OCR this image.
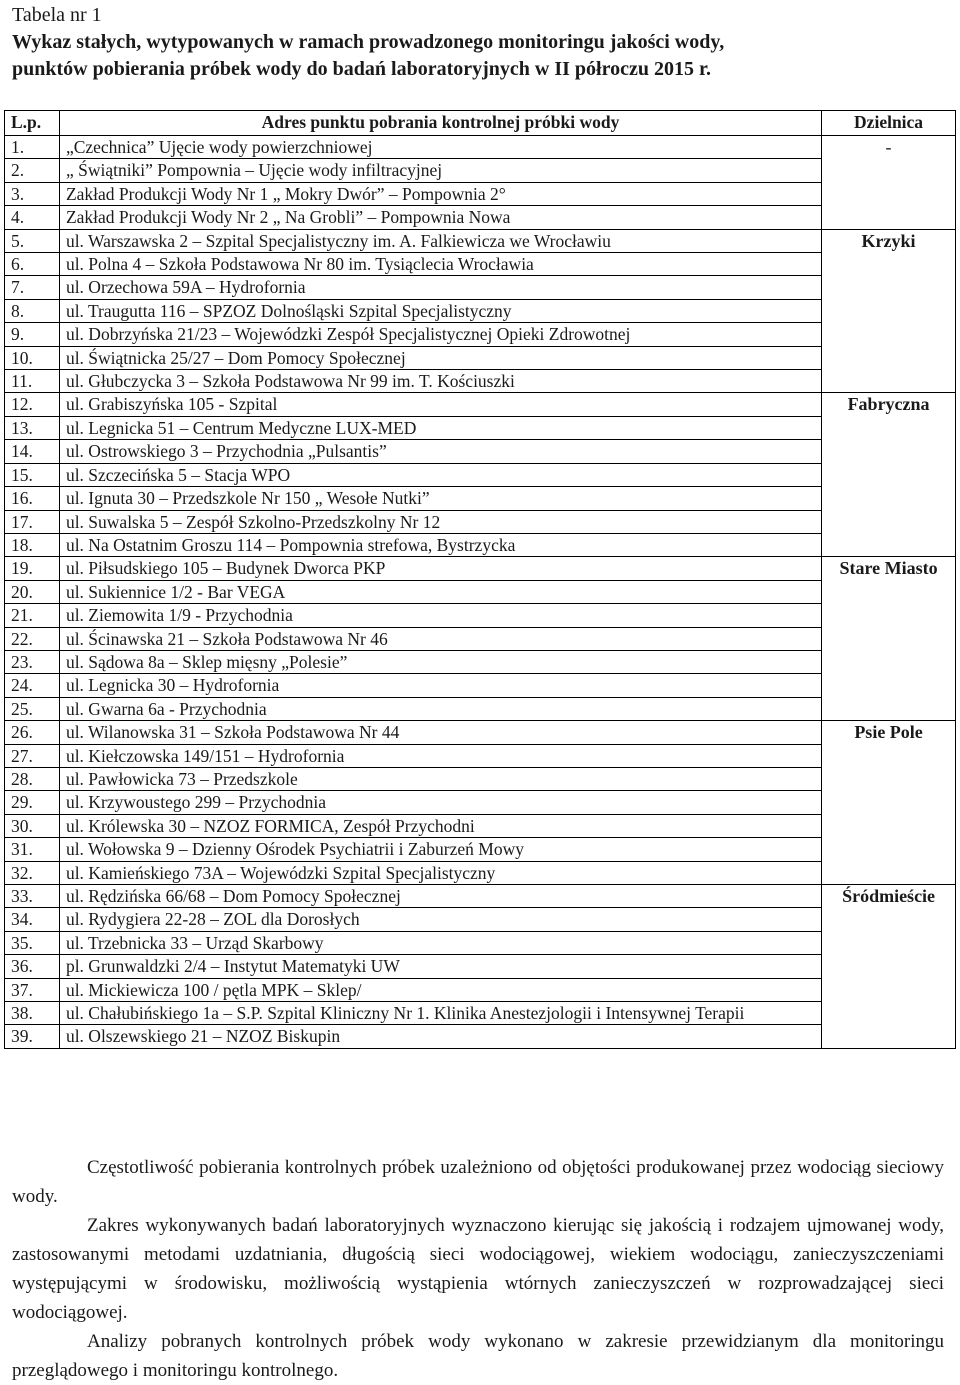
Tabela nr 1
Wykaz stałych, wytypowanych w ramach prowadzonego monitoringu jakości wody,
punktów pobierania próbek wody do badań laboratoryjnych w II półroczu 2015 r.
L.p.	Adres punktu pobrania kontrolnej próbki wody	Dzielnica
1.	„Czechnica” Ujęcie wody powierzchniowej	-
2.	„ Świątniki” Pompownia – Ujęcie wody infiltracyjnej	
3.	Zakład Produkcji Wody Nr 1 „ Mokry Dwór” – Pompownia 2°	
4.	Zakład Produkcji Wody Nr 2 „ Na Grobli” – Pompownia Nowa	
5.	ul. Warszawska 2 – Szpital Specjalistyczny im. A. Falkiewicza we Wrocławiu	Krzyki
6.	ul. Polna 4 – Szkoła Podstawowa Nr 80 im. Tysiąclecia Wrocławia	
7.	ul. Orzechowa 59A – Hydrofornia	
8.	ul. Traugutta 116 – SPZOZ Dolnośląski Szpital Specjalistyczny	
9.	ul. Dobrzyńska 21/23 – Wojewódzki Zespół Specjalistycznej Opieki Zdrowotnej	
10.	ul. Świątnicka 25/27 – Dom Pomocy Społecznej	
11.	ul. Głubczycka 3 – Szkoła Podstawowa Nr 99 im. T. Kościuszki	
12.	ul. Grabiszyńska 105 - Szpital	Fabryczna
13.	ul. Legnicka 51 – Centrum Medyczne LUX-MED	
14.	ul. Ostrowskiego 3 – Przychodnia „Pulsantis”	
15.	ul. Szczecińska 5 – Stacja WPO	
16.	ul. Ignuta 30 – Przedszkole Nr 150 „ Wesołe Nutki”	
17.	ul. Suwalska 5 – Zespół Szkolno-Przedszkolny Nr 12	
18.	ul. Na Ostatnim Groszu 114 – Pompownia strefowa, Bystrzycka	
19.	ul. Piłsudskiego 105 – Budynek Dworca PKP	Stare Miasto
20.	ul. Sukiennice 1/2 - Bar VEGA	
21.	ul. Ziemowita 1/9 - Przychodnia	
22.	ul. Ścinawska 21 – Szkoła Podstawowa Nr 46	
23.	ul. Sądowa 8a – Sklep mięsny „Polesie”	
24.	ul. Legnicka 30 – Hydrofornia	
25.	ul. Gwarna 6a - Przychodnia	
26.	ul. Wilanowska 31 – Szkoła Podstawowa Nr 44	Psie Pole
27.	ul. Kiełczowska 149/151 – Hydrofornia	
28.	ul. Pawłowicka 73 – Przedszkole	
29.	ul. Krzywoustego 299 – Przychodnia	
30.	ul. Królewska 30 – NZOZ FORMICA, Zespół Przychodni	
31.	ul. Wołowska 9 – Dzienny Ośrodek Psychiatrii i Zaburzeń Mowy	
32.	ul. Kamieńskiego 73A – Wojewódzki Szpital Specjalistyczny	
33.	ul. Rędzińska 66/68 – Dom Pomocy Społecznej	Śródmieście
34.	ul. Rydygiera 22-28 – ZOL dla Dorosłych	
35.	ul. Trzebnicka 33 – Urząd Skarbowy	
36.	pl. Grunwaldzki 2/4 – Instytut Matematyki UW	
37.	ul. Mickiewicza 100 / pętla MPK – Sklep/	
38.	ul. Chałubińskiego 1a – S.P. Szpital Kliniczny Nr 1. Klinika Anestezjologii i Intensywnej Terapii	
39.	ul. Olszewskiego 21 – NZOZ Biskupin	

Częstotliwość pobierania kontrolnych próbek uzależniono od objętości produkowanej przez wodociąg sieciowy wody.

Zakres wykonywanych badań laboratoryjnych wyznaczono kierując się jakością i rodzajem ujmowanej wody, zastosowanymi metodami uzdatniania, długością sieci wodociągowej, wiekiem wodociągu, zanieczyszczeniami występującymi w środowisku, możliwością wystąpienia wtórnych zanieczyszczeń w rozprowadzającej sieci wodociągowej.

Analizy pobranych kontrolnych próbek wody wykonano w zakresie przewidzianym dla monitoringu przeglądowego i monitoringu kontrolnego.
